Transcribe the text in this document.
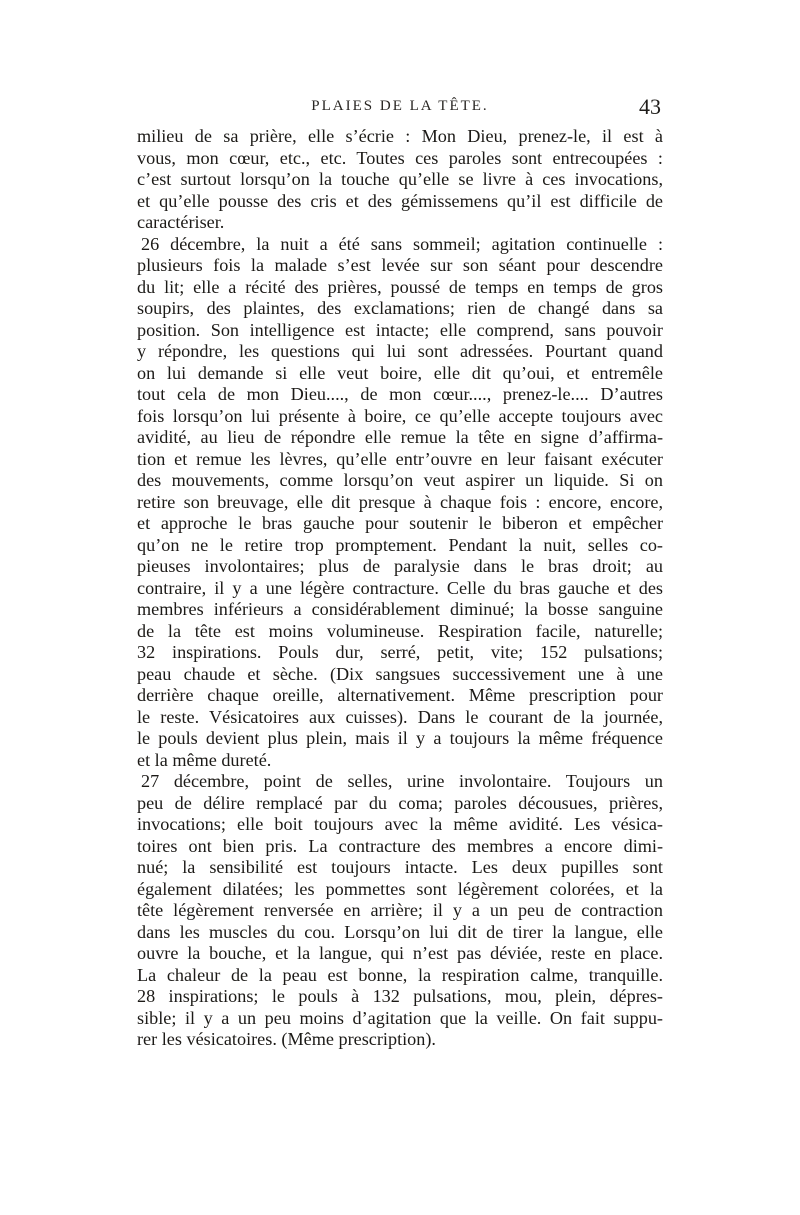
PLAIES DE LA TÊTE.	43
milieu de sa prière, elle s’écrie : Mon Dieu, prenez-le, il est à
vous, mon cœur, etc., etc. Toutes ces paroles sont entrecoupées :
c’est surtout lorsqu’on la touche qu’elle se livre à ces invocations,
et qu’elle pousse des cris et des gémissemens qu’il est difficile de
caractériser.
26 décembre, la nuit a été sans sommeil; agitation continuelle :
plusieurs fois la malade s’est levée sur son séant pour descendre
du lit; elle a récité des prières, poussé de temps en temps de gros
soupirs, des plaintes, des exclamations; rien de changé dans sa
position. Son intelligence est intacte; elle comprend, sans pouvoir
y répondre, les questions qui lui sont adressées. Pourtant quand
on lui demande si elle veut boire, elle dit qu’oui, et entremêle
tout cela de mon Dieu...., de mon cœur...., prenez-le.... D’autres
fois lorsqu’on lui présente à boire, ce qu’elle accepte toujours avec
avidité, au lieu de répondre elle remue la tête en signe d’affirma-
tion et remue les lèvres, qu’elle entr’ouvre en leur faisant exécuter
des mouvements, comme lorsqu’on veut aspirer un liquide. Si on
retire son breuvage, elle dit presque à chaque fois : encore, encore,
et approche le bras gauche pour soutenir le biberon et empêcher
qu’on ne le retire trop promptement. Pendant la nuit, selles co-
pieuses involontaires; plus de paralysie dans le bras droit; au
contraire, il y a une légère contracture. Celle du bras gauche et des
membres inférieurs a considérablement diminué; la bosse sanguine
de la tête est moins volumineuse. Respiration facile, naturelle;
32 inspirations. Pouls dur, serré, petit, vite; 152 pulsations;
peau chaude et sèche. (Dix sangsues successivement une à une
derrière chaque oreille, alternativement. Même prescription pour
le reste. Vésicatoires aux cuisses). Dans le courant de la journée,
le pouls devient plus plein, mais il y a toujours la même fréquence
et la même dureté.
27 décembre, point de selles, urine involontaire. Toujours un
peu de délire remplacé par du coma; paroles décousues, prières,
invocations; elle boit toujours avec la même avidité. Les vésica-
toires ont bien pris. La contracture des membres a encore dimi-
nué; la sensibilité est toujours intacte. Les deux pupilles sont
également dilatées; les pommettes sont légèrement colorées, et la
tête légèrement renversée en arrière; il y a un peu de contraction
dans les muscles du cou. Lorsqu’on lui dit de tirer la langue, elle
ouvre la bouche, et la langue, qui n’est pas déviée, reste en place.
La chaleur de la peau est bonne, la respiration calme, tranquille.
28 inspirations; le pouls à 132 pulsations, mou, plein, dépres-
sible; il y a un peu moins d’agitation que la veille. On fait suppu-
rer les vésicatoires. (Même prescription).
